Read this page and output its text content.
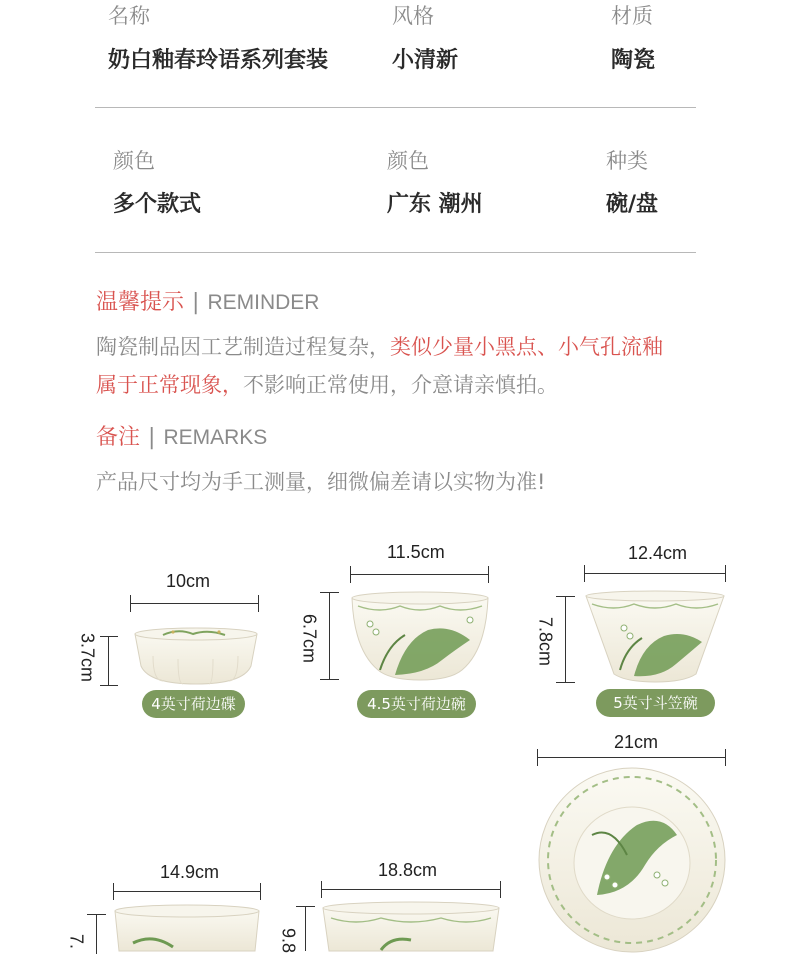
名称	风格	材质
奶白釉春玲语系列套装	小清新	陶瓷
颜色	颜色	种类
多个款式	广东 潮州	碗/盘
温馨提示 | REMINDER
陶瓷制品因工艺制造过程复杂，类似少量小黑点、小气孔流釉
属于正常现象，不影响正常使用，介意请亲慎拍。
备注 | REMARKS
产品尺寸均为手工测量，细微偏差请以实物为准!
10cm
3.7cm
4英寸荷边碟
11.5cm
6.7cm
4.5英寸荷边碗
12.4cm
7.8cm
5英寸斗笠碗
21cm
14.9cm
7.
18.8cm
9.8
